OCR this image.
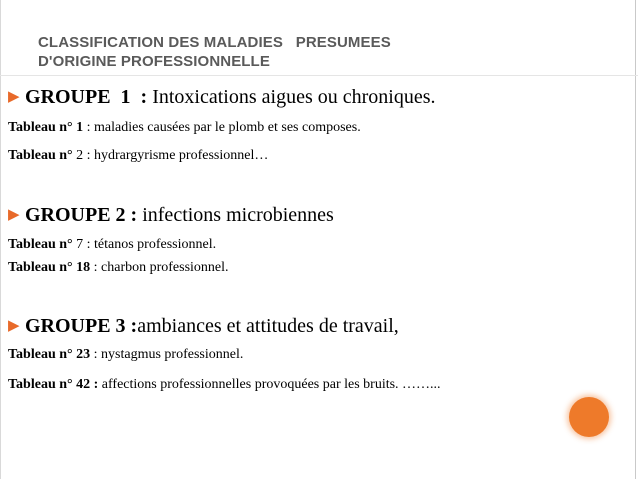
CLASSIFICATION DES MALADIES   PRESUMEES
D'ORIGINE PROFESSIONNELLE
▶ GROUPE  1  : Intoxications aigues ou chroniques.
Tableau n° 1 : maladies causées par le plomb et ses composes.
Tableau n° 2 : hydrargyrisme professionnel…
▶ GROUPE 2 : infections microbiennes
Tableau n° 7 : tétanos professionnel.
Tableau n° 18 : charbon professionnel.
▶ GROUPE 3 :ambiances et attitudes de travail,
Tableau n° 23 : nystagmus professionnel.
Tableau n° 42 : affections professionnelles provoquées par les bruits. ……...
